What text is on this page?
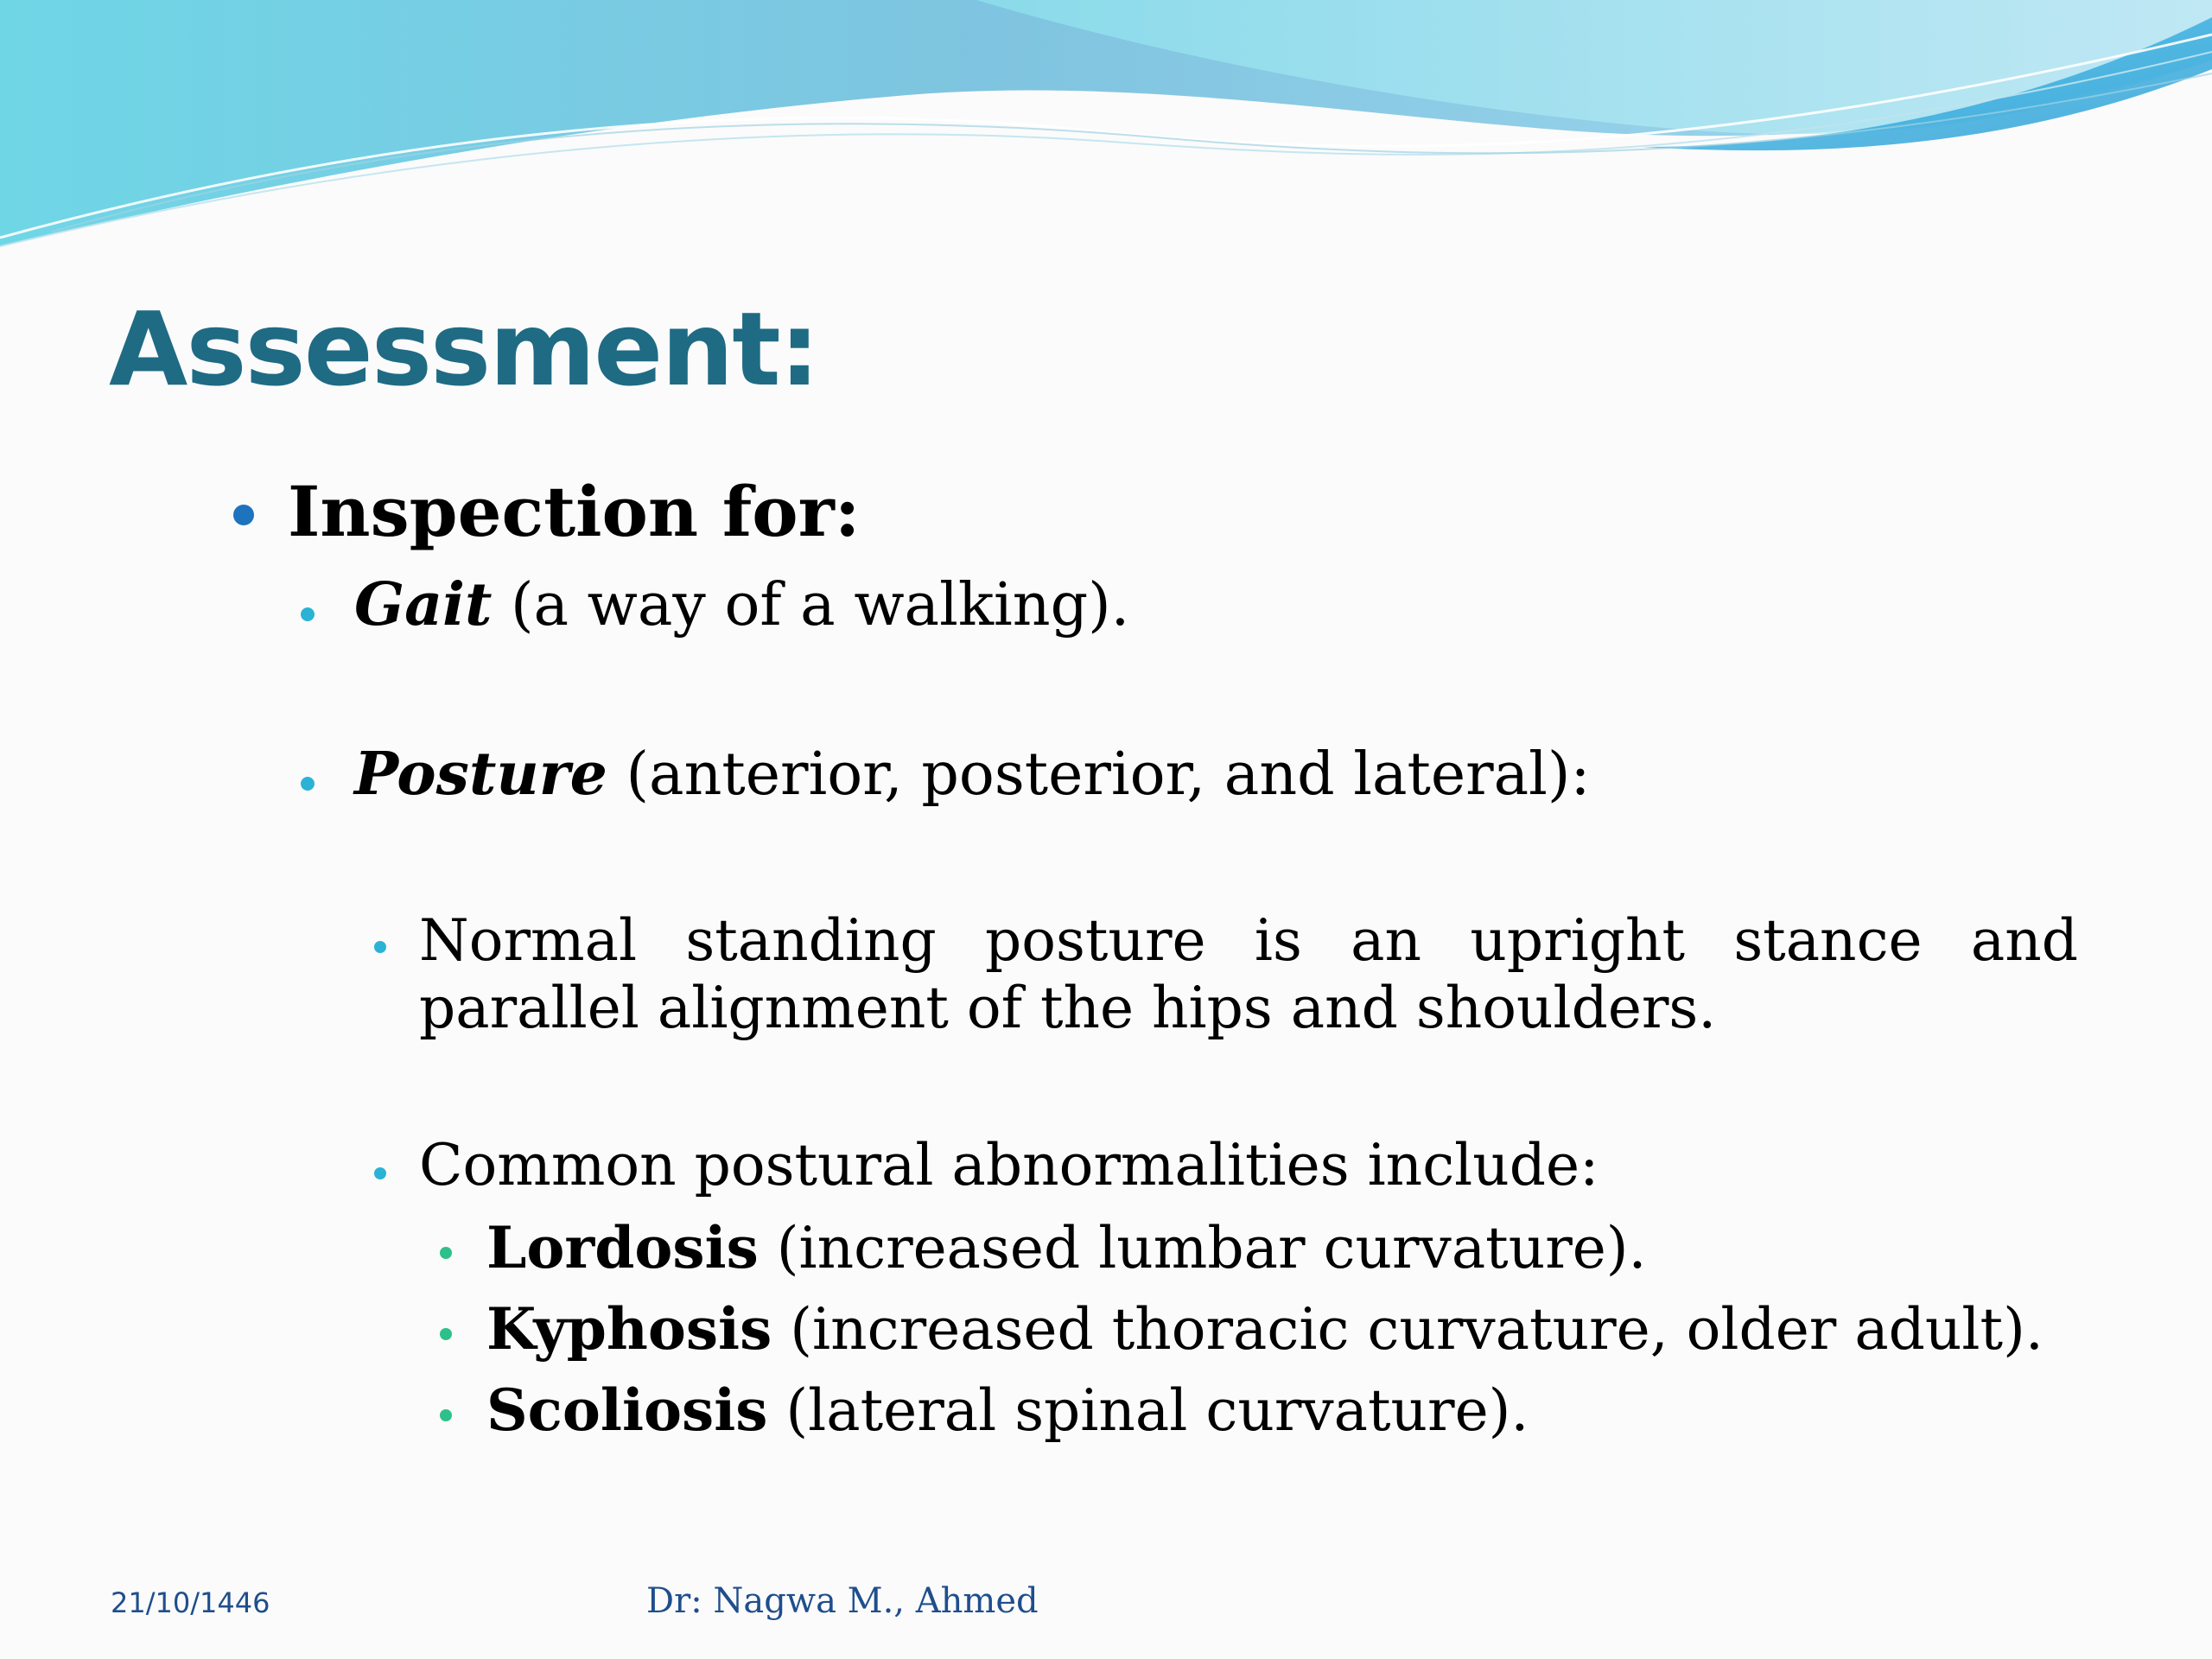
Assessment:
Inspection for:
Gait (a way of a walking).
Posture (anterior, posterior, and lateral):

Normal standing posture is an upright stance and parallel alignment of the hips and shoulders.

Common postural abnormalities include:
Lordosis (increased lumbar curvature).
Kyphosis (increased thoracic curvature, older adult).
Scoliosis (lateral spinal curvature).
21/10/1446	Dr: Nagwa M., Ahmed
